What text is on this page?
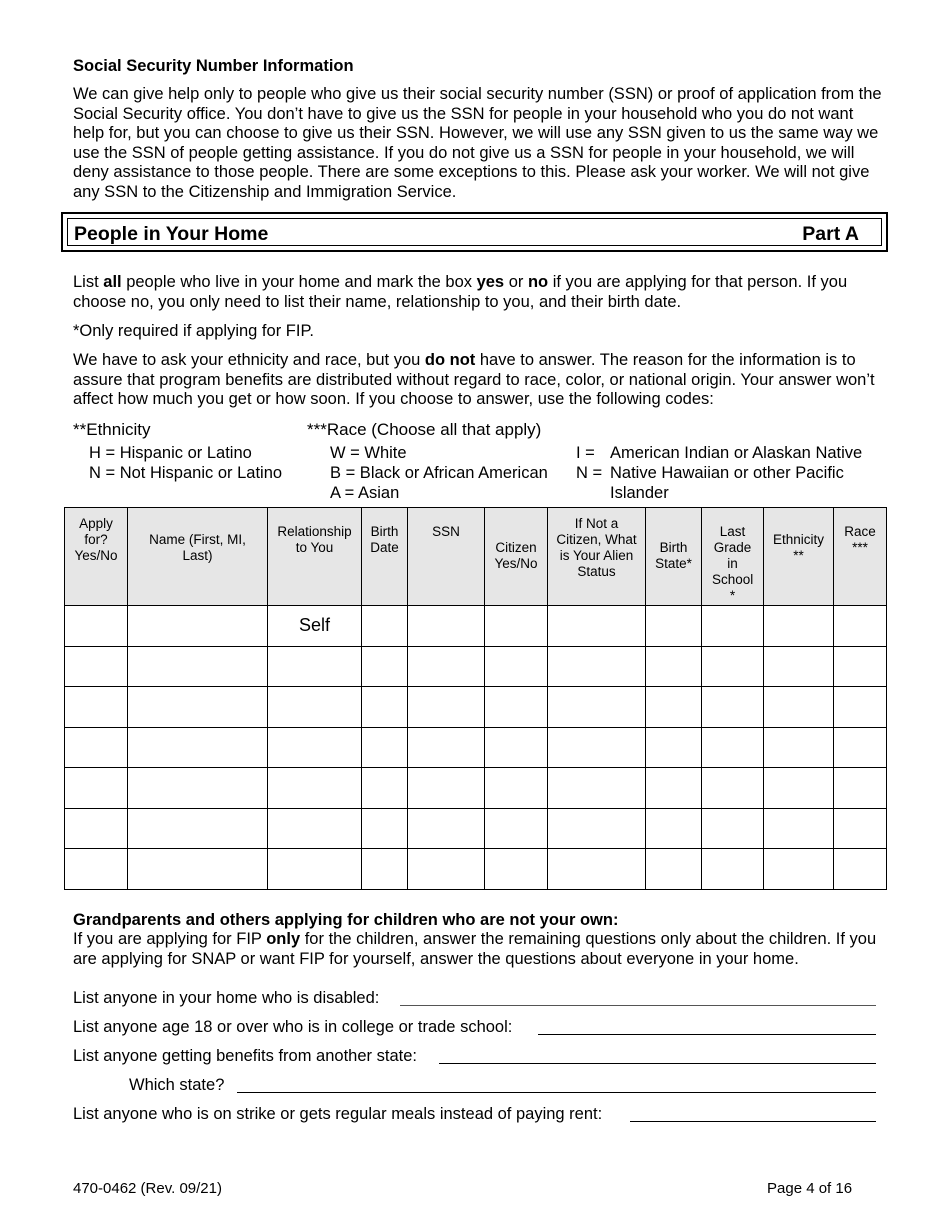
Social Security Number Information
We can give help only to people who give us their social security number (SSN) or proof of application from the Social Security office. You don’t have to give us the SSN for people in your household who you do not want help for, but you can choose to give us their SSN. However, we will use any SSN given to us the same way we use the SSN of people getting assistance. If you do not give us a SSN for people in your household, we will deny assistance to those people. There are some exceptions to this. Please ask your worker. We will not give any SSN to the Citizenship and Immigration Service.
People in Your Home	Part A
List all people who live in your home and mark the box yes or no if you are applying for that person. If you choose no, you only need to list their name, relationship to you, and their birth date.
*Only required if applying for FIP.
We have to ask your ethnicity and race, but you do not have to answer. The reason for the information is to assure that program benefits are distributed without regard to race, color, or national origin. Your answer won’t affect how much you get or how soon. If you choose to answer, use the following codes:
**Ethnicity	***Race (Choose all that apply)
H = Hispanic or Latino
N = Not Hispanic or Latino
W = White
B = Black or African American
A = Asian
I = American Indian or Alaskan Native
N = Native Hawaiian or other Pacific
Islander
Apply for? Yes/No	Name (First, MI, Last)	Relationship to You	Birth Date	SSN	Citizen Yes/No	If Not a Citizen, What is Your Alien Status	Birth State*	Last Grade in School *	Ethnicity **	Race ***

		Self								

Grandparents and others applying for children who are not your own:
If you are applying for FIP only for the children, answer the remaining questions only about the children. If you are applying for SNAP or want FIP for yourself, answer the questions about everyone in your home.
List anyone in your home who is disabled:
List anyone age 18 or over who is in college or trade school:
List anyone getting benefits from another state:
Which state?
List anyone who is on strike or gets regular meals instead of paying rent:
470-0462 (Rev. 09/21)	Page 4 of 16
